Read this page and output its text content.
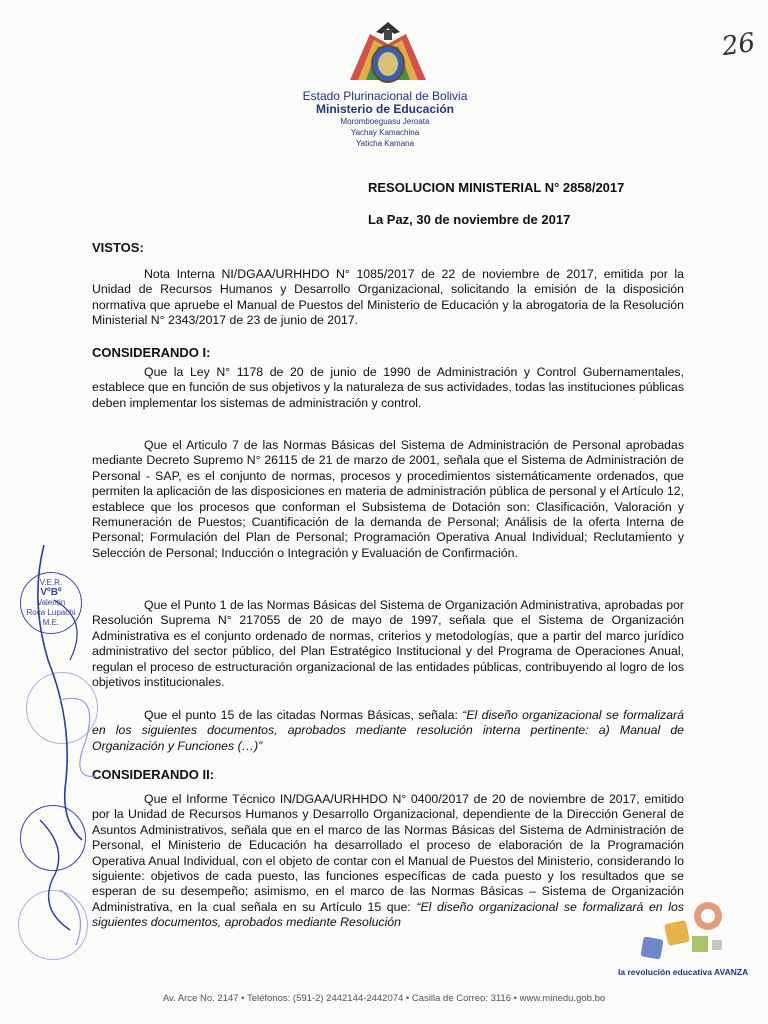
Estado Plurinacional de Bolivia
Ministerio de Educación
Moromboeguasu Jeroata
Yachay Kamachina
Yaticha Kamana
26
RESOLUCION MINISTERIAL N° 2858/2017
La Paz, 30 de noviembre de 2017
VISTOS:
Nota Interna NI/DGAA/URHHDO N° 1085/2017 de 22 de noviembre de 2017, emitida por la Unidad de Recursos Humanos y Desarrollo Organizacional, solicitando la emisión de la disposición normativa que apruebe el Manual de Puestos del Ministerio de Educación y la abrogatoria de la Resolución Ministerial N° 2343/2017 de 23 de junio de 2017.
CONSIDERANDO I:
Que la Ley N° 1178 de 20 de junio de 1990 de Administración y Control Gubernamentales, establece que en función de sus objetivos y la naturaleza de sus actividades, todas las instituciones públicas deben implementar los sistemas de administración y control.
Que el Articulo 7 de las Normas Básicas del Sistema de Administración de Personal aprobadas mediante Decreto Supremo N° 26115 de 21 de marzo de 2001, señala que el Sistema de Administración de Personal - SAP, es el conjunto de normas, procesos y procedimientos sistemáticamente ordenados, que permiten la aplicación de las disposiciones en materia de administración pública de personal y el Artículo 12, establece que los procesos que conforman el Subsistema de Dotación son: Clasificación, Valoración y Remuneración de Puestos; Cuantificación de la demanda de Personal; Análisis de la oferta Interna de Personal; Formulación del Plan de Personal; Programación Operativa Anual Individual; Reclutamiento y Selección de Personal; Inducción o Integración y Evaluación de Confirmación.
Que el Punto 1 de las Normas Básicas del Sistema de Organización Administrativa, aprobadas por Resolución Suprema N° 217055 de 20 de mayo de 1997, señala que el Sistema de Organización Administrativa es el conjunto ordenado de normas, criterios y metodologías, que a partir del marco jurídico administrativo del sector público, del Plan Estratégico Institucional y del Programa de Operaciones Anual, regulan el proceso de estructuración organizacional de las entidades públicas, contribuyendo al logro de los objetivos institucionales.
Que el punto 15 de las citadas Normas Básicas, señala: “El diseño organizacional se formalizará en los siguientes documentos, aprobados mediante resolución interna pertinente: a) Manual de Organización y Funciones (…)”
CONSIDERANDO II:
Que el Informe Técnico IN/DGAA/URHHDO N° 0400/2017 de 20 de noviembre de 2017, emitido por la Unidad de Recursos Humanos y Desarrollo Organizacional, dependiente de la Dirección General de Asuntos Administrativos, señala que en el marco de las Normas Básicas del Sistema de Administración de Personal, el Ministerio de Educación ha desarrollado el proceso de elaboración de la Programación Operativa Anual Individual, con el objeto de contar con el Manual de Puestos del Ministerio, considerando lo siguiente: objetivos de cada puesto, las funciones específicas de cada puesto y los resultados que se esperan de su desempeño; asimismo, en el marco de las Normas Básicas – Sistema de Organización Administrativa, en la cual señala en su Artículo 15 que: “El diseño organizacional se formalizará en los siguientes documentos, aprobados mediante Resolución
V.E.R.
VºBº
Valentin
Roca Lupachi
M.E.
la revolución educativa AVANZA
Av. Arce No. 2147 • Teléfonos: (591-2) 2442144-2442074 • Casilla de Correo: 3116 • www.minedu.gob.bo
